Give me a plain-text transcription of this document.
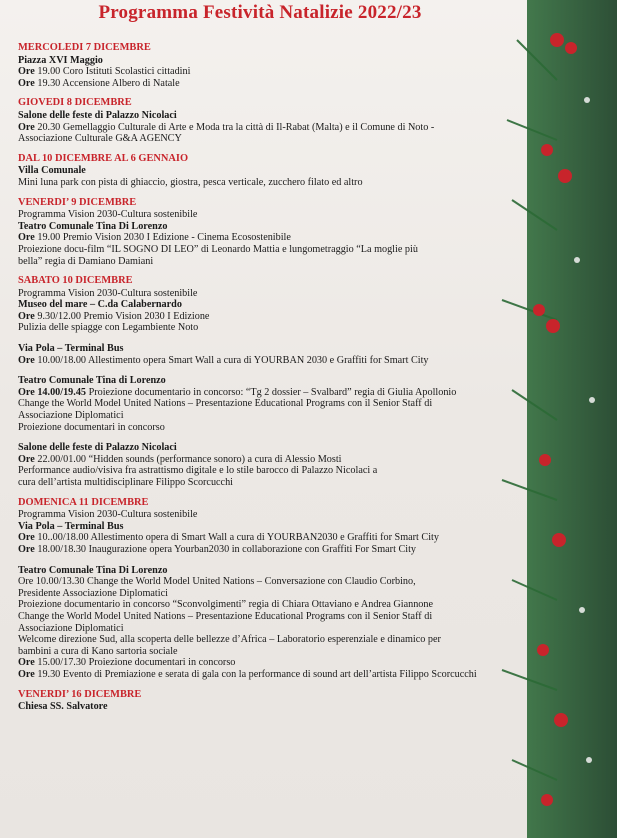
Programma Festività Natalizie 2022/23
MERCOLEDI 7 DICEMBRE
Piazza XVI Maggio
Ore 19.00 Coro Istituti Scolastici cittadini
Ore 19.30 Accensione Albero di Natale
GIOVEDI 8 DICEMBRE
Salone delle feste di Palazzo Nicolaci
Ore 20.30 Gemellaggio Culturale di Arte e Moda tra la città di Il-Rabat (Malta) e il Comune di Noto -
Associazione Culturale G&A AGENCY
DAL 10 DICEMBRE AL 6 GENNAIO
Villa Comunale
Mini luna park con pista di ghiaccio, giostra, pesca verticale, zucchero filato ed altro
VENERDI’ 9 DICEMBRE
Programma Vision 2030-Cultura sostenibile
Teatro Comunale Tina Di Lorenzo
Ore 19.00 Premio Vision 2030 I Edizione - Cinema Ecosostenibile
Proiezione docu-film “IL SOGNO DI LEO” di Leonardo Mattia e lungometraggio “La moglie più
bella” regia di Damiano Damiani
SABATO 10 DICEMBRE
Programma Vision 2030-Cultura sostenibile
Museo del mare – C.da Calabernardo
Ore 9.30/12.00 Premio Vision 2030 I Edizione
Pulizia delle spiagge con Legambiente Noto
Via Pola – Terminal Bus
Ore 10.00/18.00 Allestimento opera Smart Wall a cura di YOURBAN 2030 e Graffiti for Smart City
Teatro Comunale Tina di Lorenzo
Ore 14.00/19.45 Proiezione documentario in concorso: “Tg 2 dossier – Svalbard” regia di Giulia Apollonio
Change the World Model United Nations – Presentazione Educational Programs con il Senior Staff di
Associazione Diplomatici
Proiezione documentari in concorso
Salone delle feste di Palazzo Nicolaci
Ore 22.00/01.00 “Hidden sounds (performance sonoro) a cura di Alessio Mosti
Performance audio/visiva fra astrattismo digitale e lo stile barocco di Palazzo Nicolaci a
cura dell’artista multidisciplinare Filippo Scorcucchi
DOMENICA 11 DICEMBRE
Programma Vision 2030-Cultura sostenibile
Via Pola – Terminal Bus
Ore 10..00/18.00 Allestimento opera di Smart Wall a cura di YOURBAN2030 e Graffiti for Smart City
Ore 18.00/18.30 Inaugurazione opera Yourban2030 in collaborazione con Graffiti For Smart City
Teatro Comunale Tina Di Lorenzo
Ore 10.00/13.30 Change the World Model United Nations – Conversazione con Claudio Corbino,
Presidente Associazione Diplomatici
Proiezione documentario in concorso “Sconvolgimenti” regia di Chiara Ottaviano e Andrea Giannone
Change the World Model United Nations – Presentazione Educational Programs con il Senior Staff di
Associazione Diplomatici
Welcome direzione Sud, alla scoperta delle bellezze d’Africa – Laboratorio esperenziale e dinamico per
bambini a cura di Kano sartoria sociale
Ore 15.00/17.30 Proiezione documentari in concorso
Ore 19.30 Evento di Premiazione e serata di gala con la performance di sound art dell’artista Filippo Scorcucchi
VENERDI’ 16 DICEMBRE
Chiesa SS. Salvatore
